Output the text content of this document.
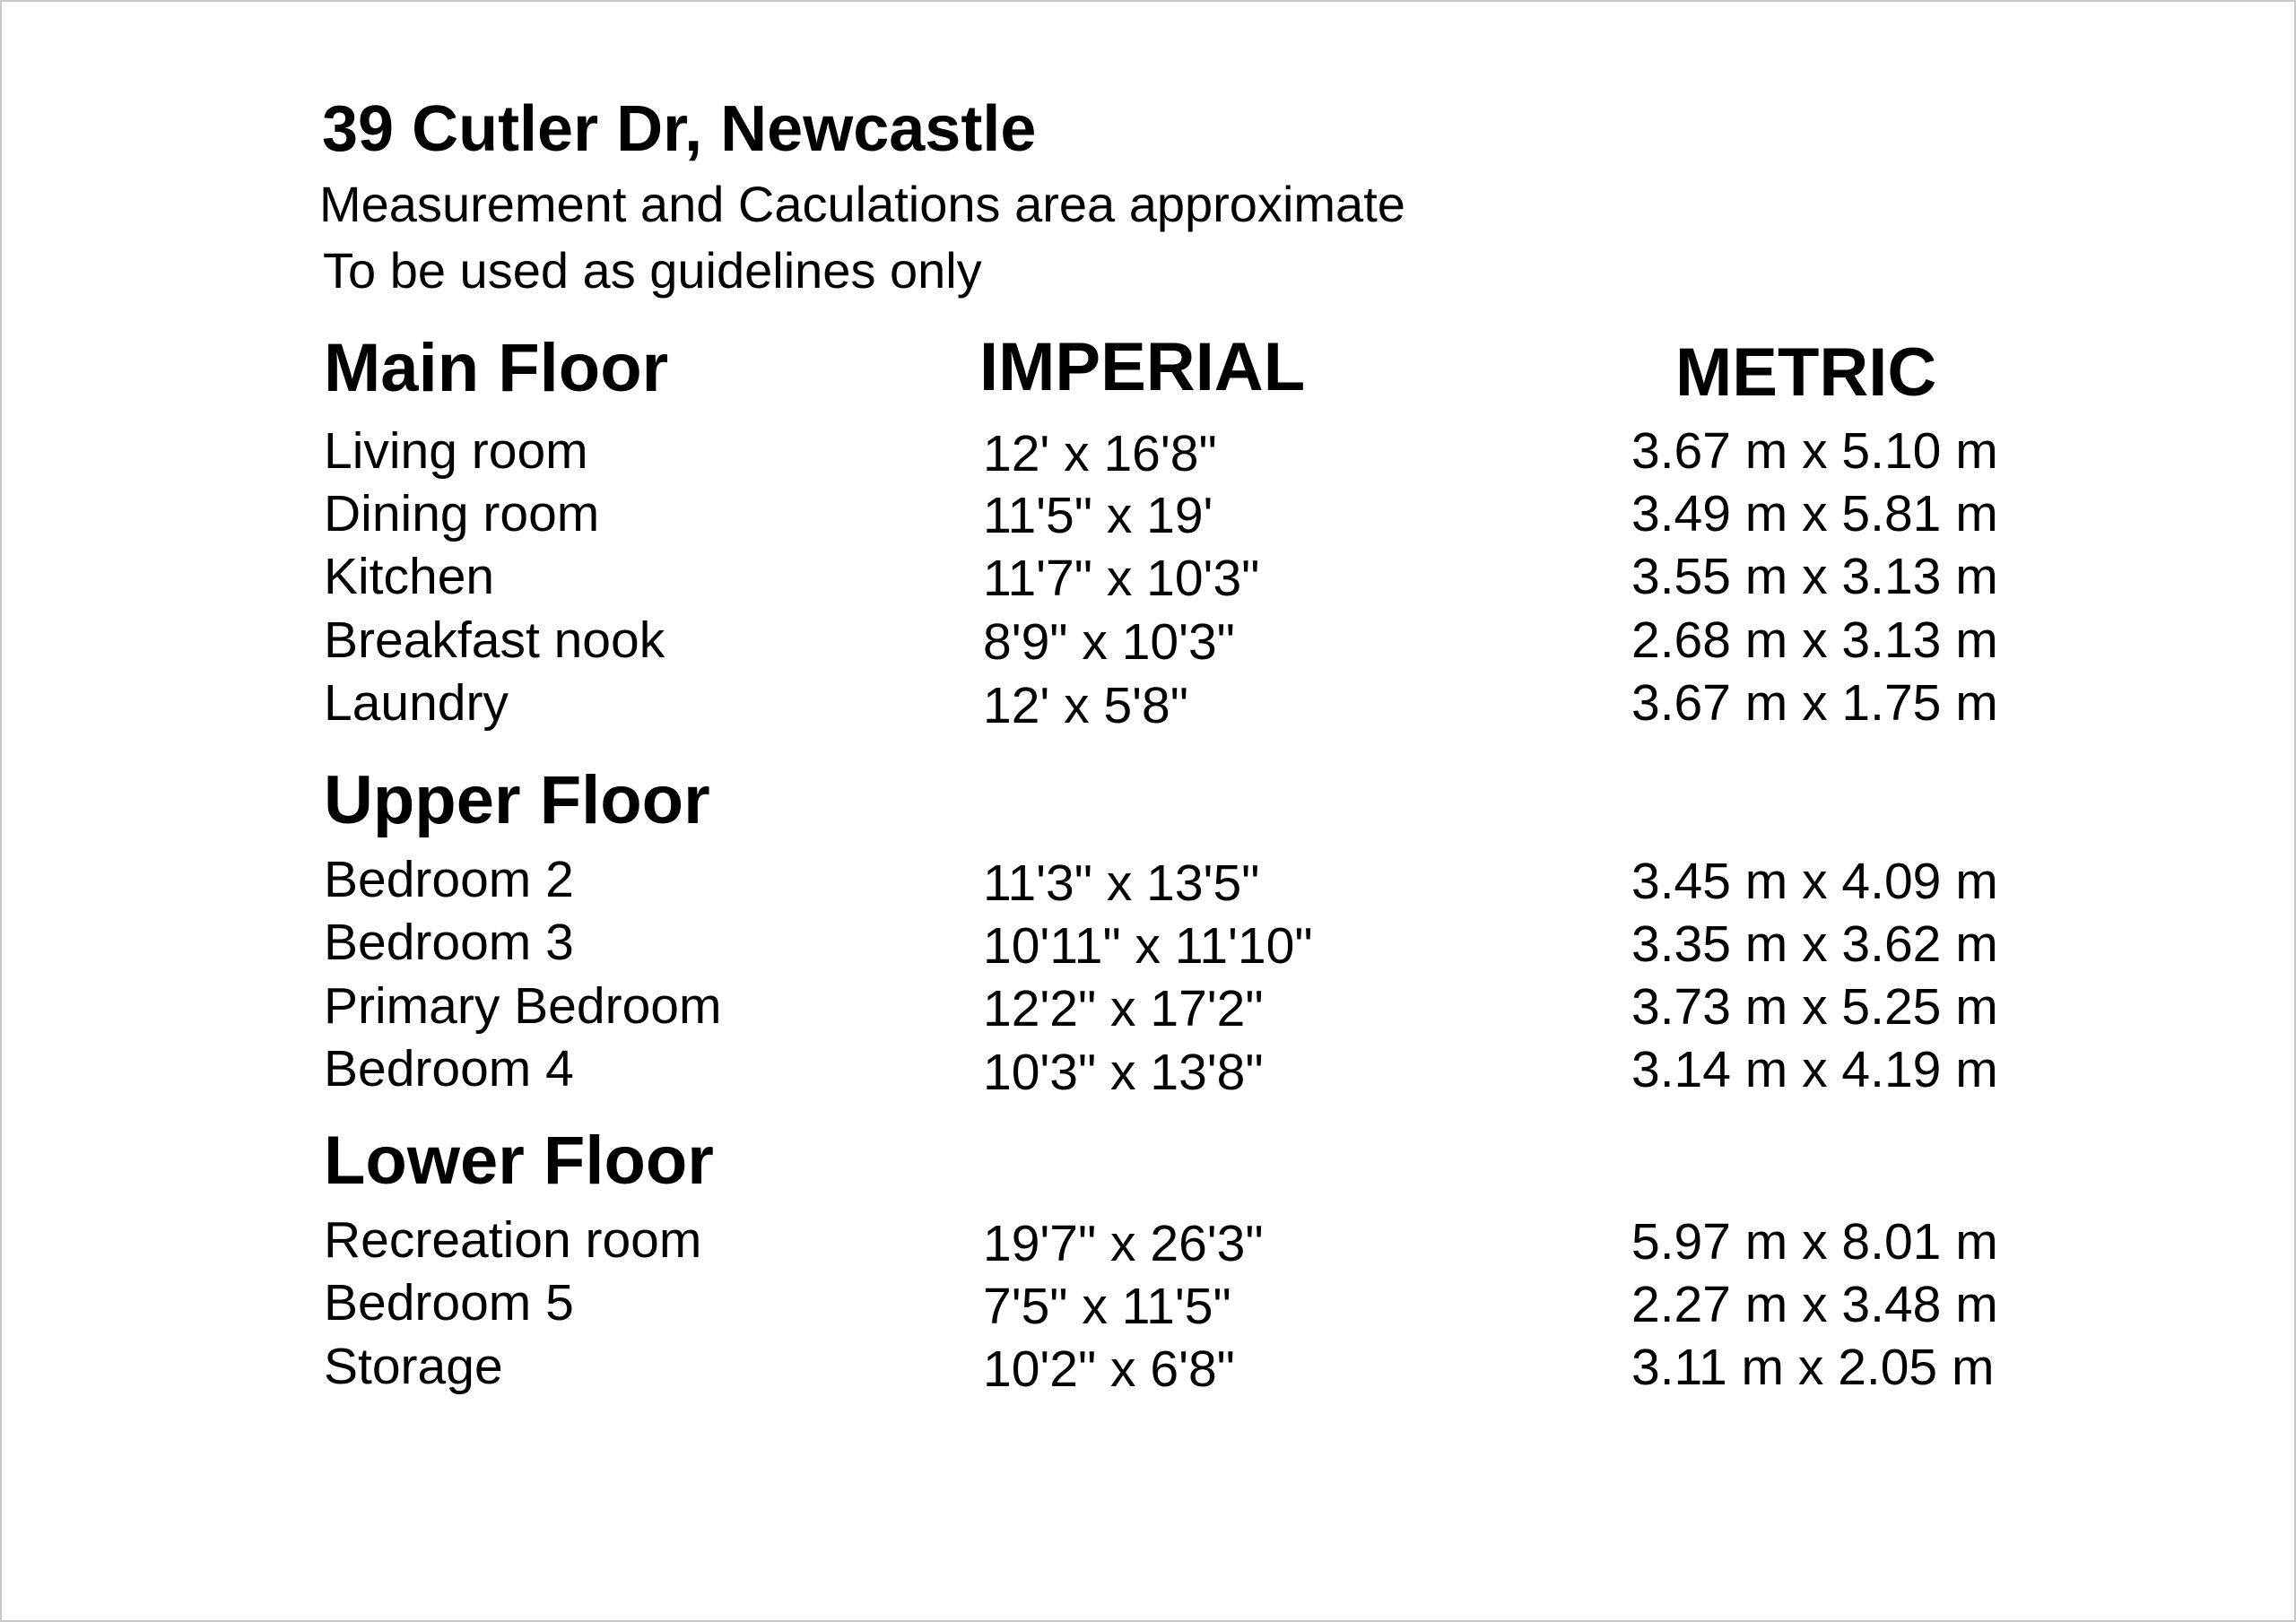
39 Cutler Dr, Newcastle
Measurement and Caculations area approximate
To be used as guidelines only
Main Floor	IMPERIAL	METRIC
Living room	12' x 16'8"	3.67 m x 5.10 m
Dining room	11'5" x 19'	3.49 m x 5.81 m
Kitchen	11'7" x 10'3"	3.55 m x 3.13 m
Breakfast nook	8'9" x 10'3"	2.68 m x 3.13 m
Laundry	12' x 5'8"	3.67 m x 1.75 m
Upper Floor
Bedroom 2	11'3" x 13'5"	3.45 m x 4.09 m
Bedroom 3	10'11" x 11'10"	3.35 m x 3.62 m
Primary Bedroom	12'2" x 17'2"	3.73 m x 5.25 m
Bedroom 4	10'3" x 13'8"	3.14 m x 4.19 m
Lower Floor
Recreation room	19'7" x 26'3"	5.97 m x 8.01 m
Bedroom 5	7'5" x 11'5"	2.27 m x 3.48 m
Storage	10'2" x 6'8"	3.11 m x 2.05 m
